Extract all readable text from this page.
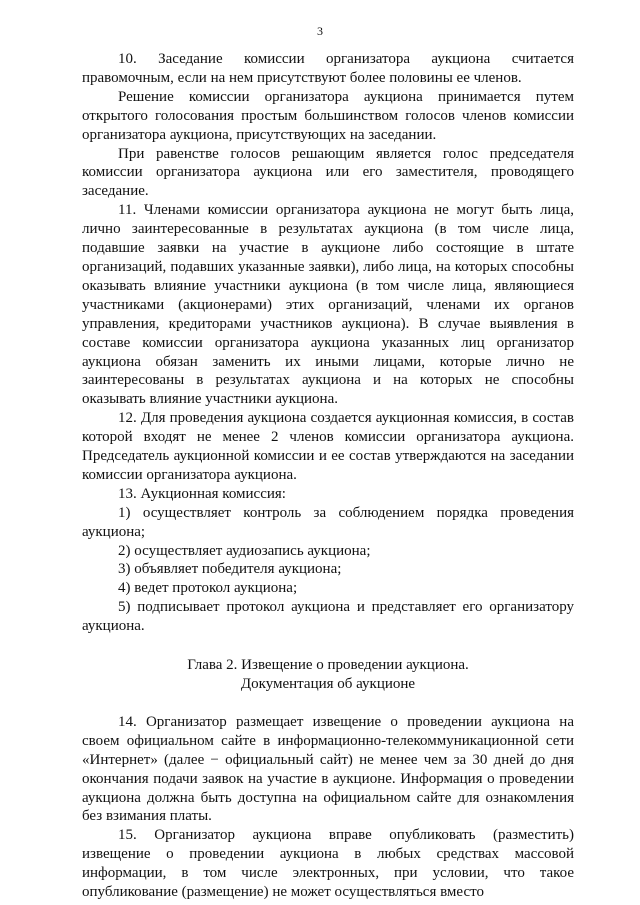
3

10. Заседание комиссии организатора аукциона считается правомочным, если на нем присутствуют более половины ее членов.

Решение комиссии организатора аукциона принимается путем открытого голосования простым большинством голосов членов комиссии организатора аукциона, присутствующих на заседании.

При равенстве голосов решающим является голос председателя комиссии организатора аукциона или его заместителя, проводящего заседание.

11. Членами комиссии организатора аукциона не могут быть лица, лично заинтересованные в результатах аукциона (в том числе лица, подавшие заявки на участие в аукционе либо состоящие в штате организаций, подавших указанные заявки), либо лица, на которых способны оказывать влияние участники аукциона (в том числе лица, являющиеся участниками (акционерами) этих организаций, членами их органов управления, кредиторами участников аукциона). В случае выявления в составе комиссии организатора аукциона указанных лиц организатор аукциона обязан заменить их иными лицами, которые лично не заинтересованы в результатах аукциона и на которых не способны оказывать влияние участники аукциона.

12. Для проведения аукциона создается аукционная комиссия, в состав которой входят не менее 2 членов комиссии организатора аукциона. Председатель аукционной комиссии и ее состав утверждаются на заседании комиссии организатора аукциона.

13. Аукционная комиссия:

1) осуществляет контроль за соблюдением порядка проведения аукциона;

2) осуществляет аудиозапись аукциона;

3) объявляет победителя аукциона;

4) ведет протокол аукциона;

5) подписывает протокол аукциона и представляет его организатору аукциона.

Глава 2. Извещение о проведении аукциона.
Документация об аукционе

14. Организатор размещает извещение о проведении аукциона на своем официальном сайте в информационно-телекоммуникационной сети «Интернет» (далее − официальный сайт) не менее чем за 30 дней до дня окончания подачи заявок на участие в аукционе. Информация о проведении аукциона должна быть доступна на официальном сайте для ознакомления без взимания платы.

15. Организатор аукциона вправе опубликовать (разместить) извещение о проведении аукциона в любых средствах массовой информации, в том числе электронных, при условии, что такое опубликование (размещение) не может осуществляться вместо
